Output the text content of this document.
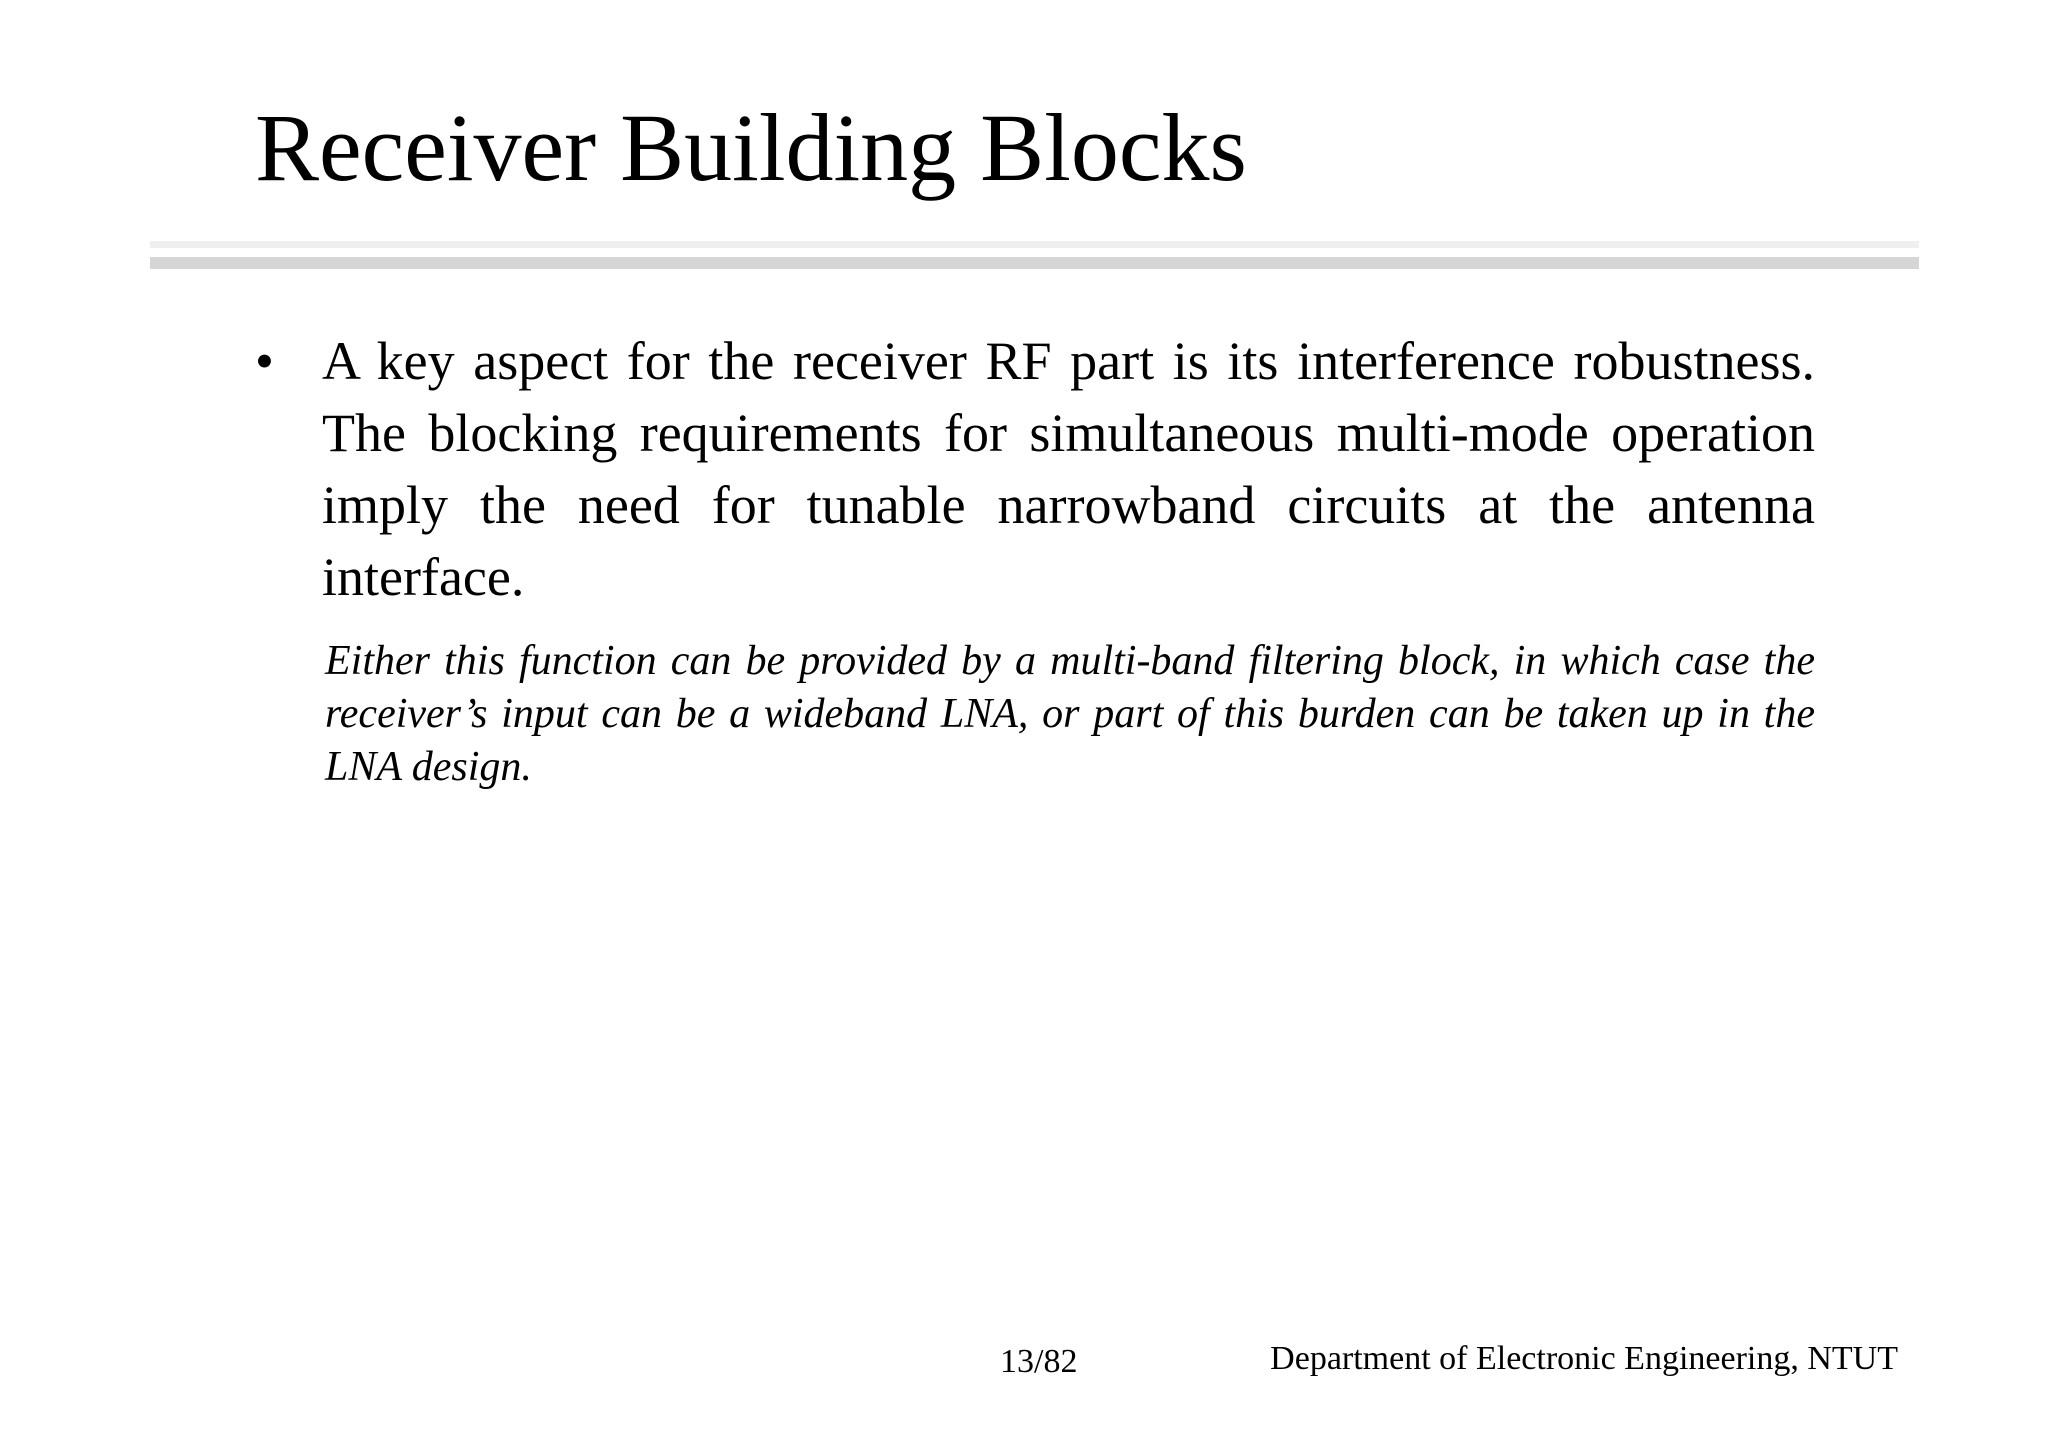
Receiver Building Blocks
• A key aspect for the receiver RF part is its interference robustness. The blocking requirements for simultaneous multi-mode operation imply the need for tunable narrowband circuits at the antenna interface.

Either this function can be provided by a multi-band filtering block, in which case the receiver’s input can be a wideband LNA, or part of this burden can be taken up in the LNA design.

13/82	Department of Electronic Engineering, NTUT
